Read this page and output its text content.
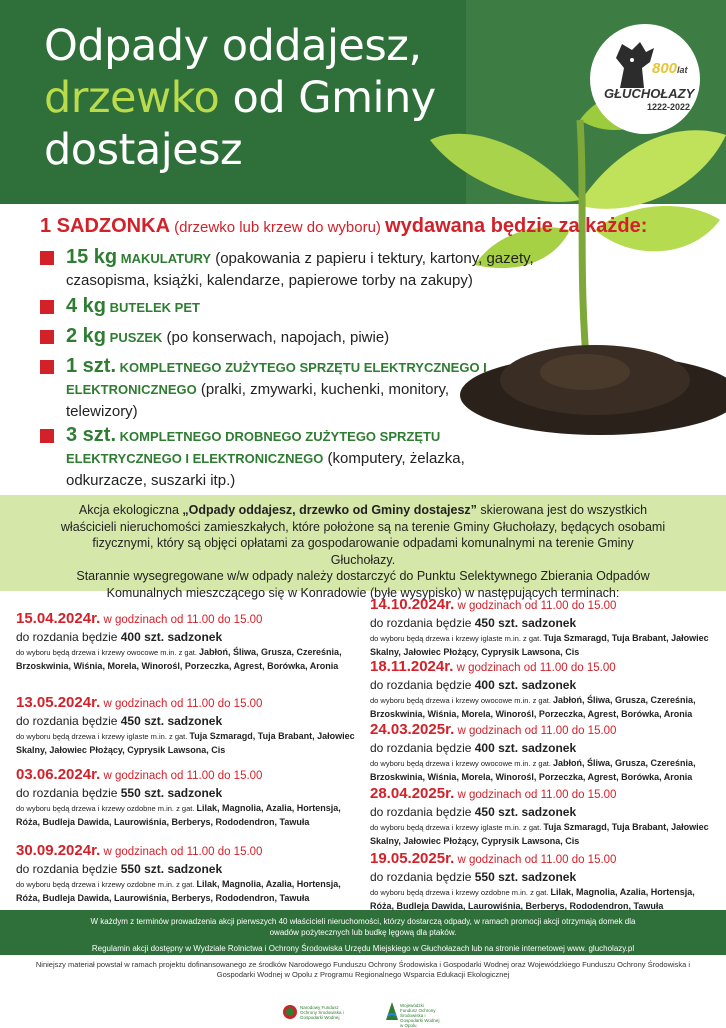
Odpady oddajesz,
drzewko od Gminy
dostajesz
800lat
GŁUCHOŁAZY
1222-2022
1 SADZONKA (drzewko lub krzew do wyboru) wydawana będzie za każde:
15 kg MAKULATURY (opakowania z papieru i tektury, kartony, gazety, czasopisma, książki, kalendarze, papierowe torby na zakupy)
4 kg BUTELEK PET
2 kg PUSZEK (po konserwach, napojach, piwie)
1 szt. KOMPLETNEGO ZUŻYTEGO SPRZĘTU ELEKTRYCZNEGO I ELEKTRONICZNEGO (pralki, zmywarki, kuchenki, monitory, telewizory)
3 szt. KOMPLETNEGO DROBNEGO ZUŻYTEGO SPRZĘTU ELEKTRYCZNEGO I ELEKTRONICZNEGO (komputery, żelazka, odkurzacze, suszarki itp.)

Akcja ekologiczna „Odpady oddajesz, drzewko od Gminy dostajesz” skierowana jest do wszystkich właścicieli nieruchomości zamieszkałych, które położone są na terenie Gminy Głuchołazy, będących osobami fizycznymi, który są objęci opłatami za gospodarowanie odpadami komunalnymi na terenie Gminy Głuchołazy.

Starannie wysegregowane w/w odpady należy dostarczyć do Punktu Selektywnego Zbierania Odpadów Komunalnych mieszczącego się w Konradowie (byłe wysypisko) w następujących terminach:

W każdym z terminów prowadzenia akcji pierwszych 40 właścicieli nieruchomości, którzy dostarczą odpady, w ramach promocji akcji otrzymają domek dla owadów pożytecznych lub budkę lęgową dla ptaków.
Regulamin akcji dostępny w Wydziale Rolnictwa i Ochrony Środowiska Urzędu Miejskiego w Głuchołazach lub na stronie internetowej www. glucholazy.pl
Niniejszy materiał powstał w ramach projektu dofinansowanego ze środków Narodowego Funduszu Ochrony Środowiska i Gospodarki Wodnej oraz Wojewódzkiego Funduszu Ochrony Środowiska i Gospodarki Wodnej w Opolu z Programu Regionalnego Wsparcia Edukacji Ekologicznej
Narodowy Fundusz Ochrony Środowiska i Gospodarki Wodnej
Wojewódzki Fundusz Ochrony Środowiska i Gospodarki Wodnej w Opolu
15.04.2024r. w godzinach od 11.00 do 15.00
do rozdania będzie 400 szt. sadzonek
do wyboru będą drzewa i krzewy owocowe m.in. z gat. Jabłoń, Śliwa, Grusza, Czereśnia, Brzoskwinia, Wiśnia, Morela, Winorośl, Porzeczka, Agrest, Borówka, Aronia
13.05.2024r. w godzinach od 11.00 do 15.00
do rozdania będzie 450 szt. sadzonek
do wyboru będą drzewa i krzewy iglaste m.in. z gat. Tuja Szmaragd, Tuja Brabant, Jałowiec Skalny, Jałowiec Płożący, Cyprysik Lawsona, Cis
03.06.2024r. w godzinach od 11.00 do 15.00
do rozdania będzie 550 szt. sadzonek
do wyboru będą drzewa i krzewy ozdobne m.in. z gat. Lilak, Magnolia, Azalia, Hortensja, Róża, Budleja Dawida, Laurowiśnia, Berberys, Rododendron, Tawuła
30.09.2024r. w godzinach od 11.00 do 15.00
do rozdania będzie 550 szt. sadzonek
do wyboru będą drzewa i krzewy ozdobne m.in. z gat. Lilak, Magnolia, Azalia, Hortensja, Róża, Budleja Dawida, Laurowiśnia, Berberys, Rododendron, Tawuła
14.10.2024r. w godzinach od 11.00 do 15.00
do rozdania będzie 450 szt. sadzonek
do wyboru będą drzewa i krzewy iglaste m.in. z gat. Tuja Szmaragd, Tuja Brabant, Jałowiec Skalny, Jałowiec Płożący, Cyprysik Lawsona, Cis
18.11.2024r. w godzinach od 11.00 do 15.00
do rozdania będzie 400 szt. sadzonek
do wyboru będą drzewa i krzewy owocowe m.in. z gat. Jabłoń, Śliwa, Grusza, Czereśnia, Brzoskwinia, Wiśnia, Morela, Winorośl, Porzeczka, Agrest, Borówka, Aronia
24.03.2025r. w godzinach od 11.00 do 15.00
do rozdania będzie 400 szt. sadzonek
do wyboru będą drzewa i krzewy owocowe m.in. z gat. Jabłoń, Śliwa, Grusza, Czereśnia, Brzoskwinia, Wiśnia, Morela, Winorośl, Porzeczka, Agrest, Borówka, Aronia
28.04.2025r. w godzinach od 11.00 do 15.00
do rozdania będzie 450 szt. sadzonek
do wyboru będą drzewa i krzewy iglaste m.in. z gat. Tuja Szmaragd, Tuja Brabant, Jałowiec Skalny, Jałowiec Płożący, Cyprysik Lawsona, Cis
19.05.2025r. w godzinach od 11.00 do 15.00
do rozdania będzie 550 szt. sadzonek
do wyboru będą drzewa i krzewy ozdobne m.in. z gat. Lilak, Magnolia, Azalia, Hortensja, Róża, Budleja Dawida, Laurowiśnia, Berberys, Rododendron, Tawuła
